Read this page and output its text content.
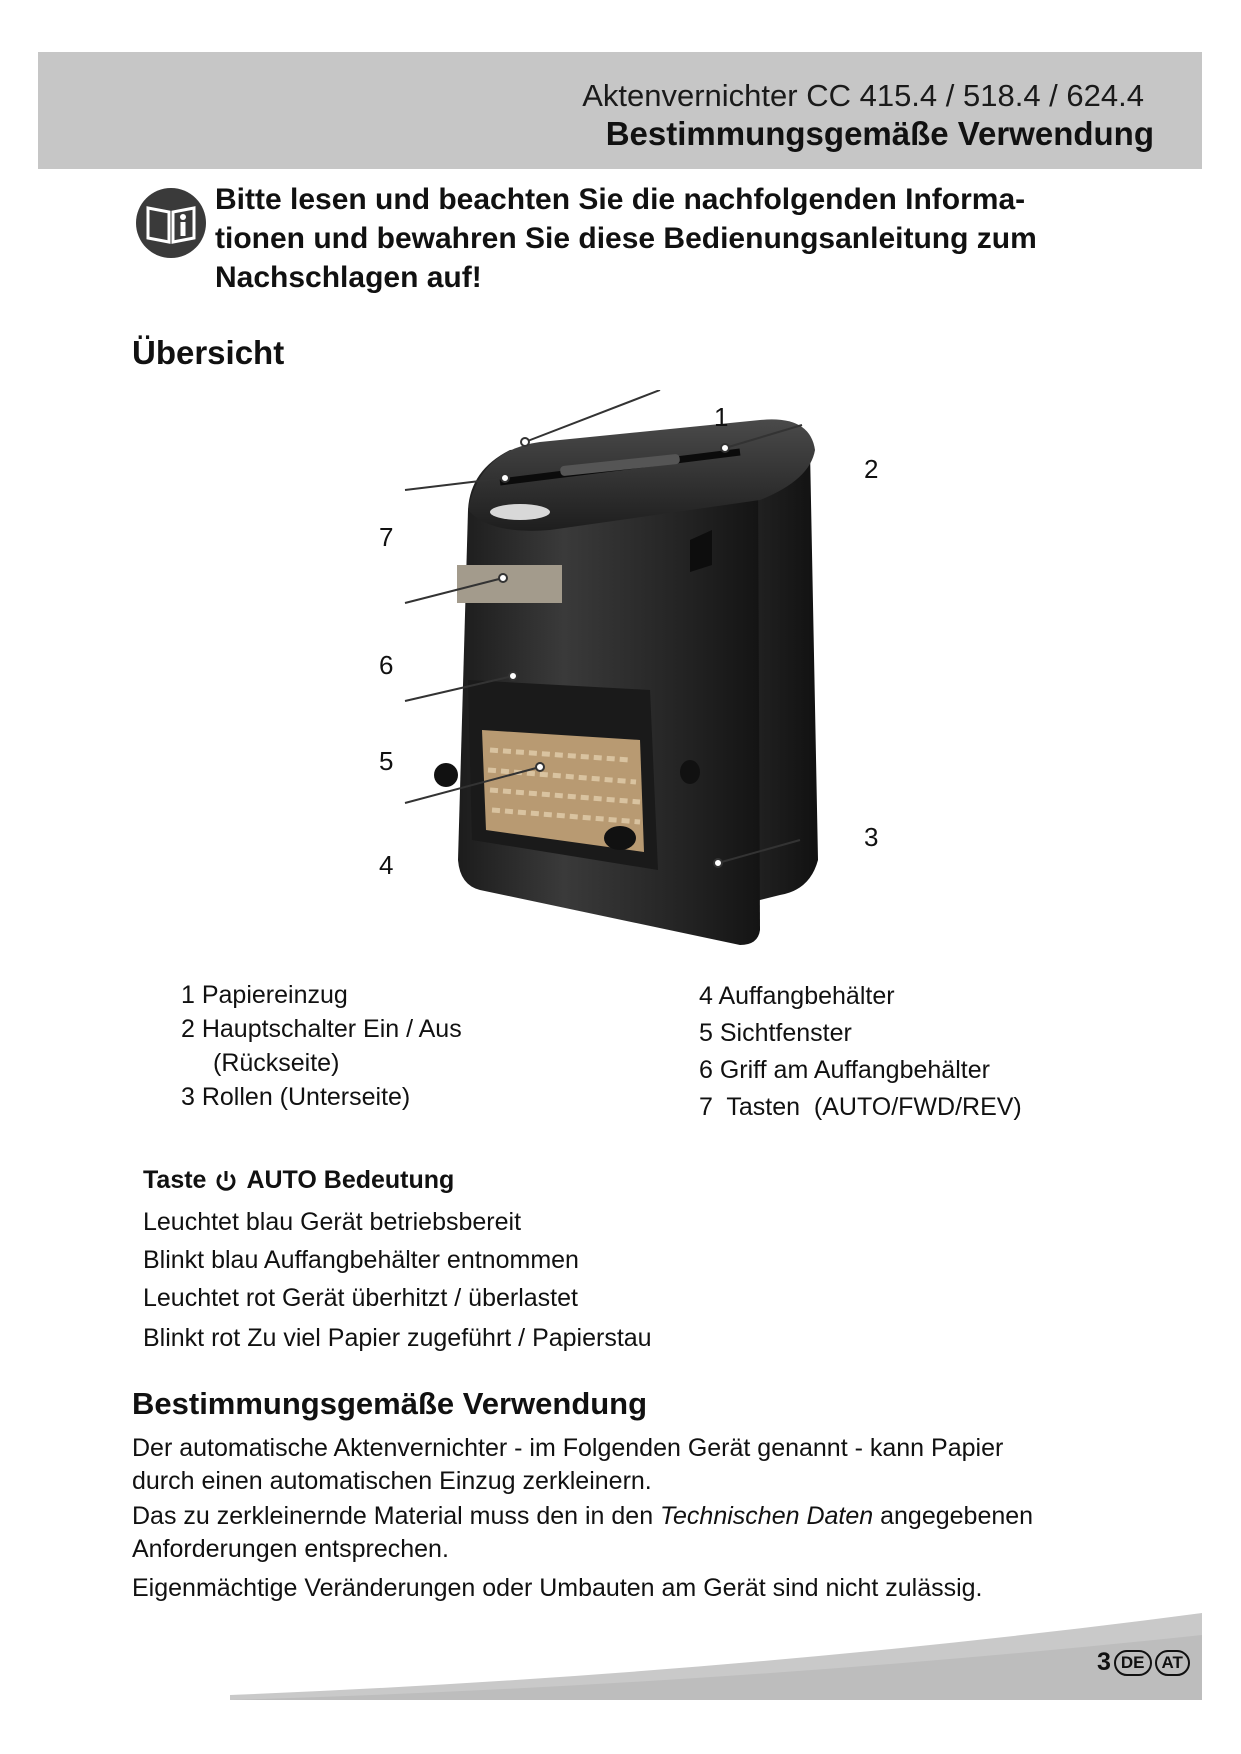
Aktenvernichter CC 415.4 / 518.4 / 624.4
Bestimmungsgemäße Verwendung
Bitte lesen und beachten Sie die nachfolgenden Informa-
tionen und bewahren Sie diese Bedienungsanleitung zum
Nachschlagen auf!
Übersicht
1
2
3
4
5
6
7
1 Papiereinzug
2 Hauptschalter Ein / Aus
(Rückseite)
3 Rollen (Unterseite)
4 Auffangbehälter
5 Sichtfenster
6 Griff am Auffangbehälter
7  Tasten  (AUTO/FWD/REV)
Taste AUTO Bedeutung
Leuchtet blau Gerät betriebsbereit
Blinkt blau Auffangbehälter entnommen
Leuchtet rot Gerät überhitzt / überlastet
Blinkt rot Zu viel Papier zugeführt / Papierstau
Bestimmungsgemäße Verwendung
Der automatische Aktenvernichter - im Folgenden Gerät genannt - kann Papier
durch einen automatischen Einzug zerkleinern.
Das zu zerkleinernde Material muss den in den Technischen Daten angegebenen
Anforderungen entsprechen.
Eigenmächtige Veränderungen oder Umbauten am Gerät sind nicht zulässig.
3 DE	AT
